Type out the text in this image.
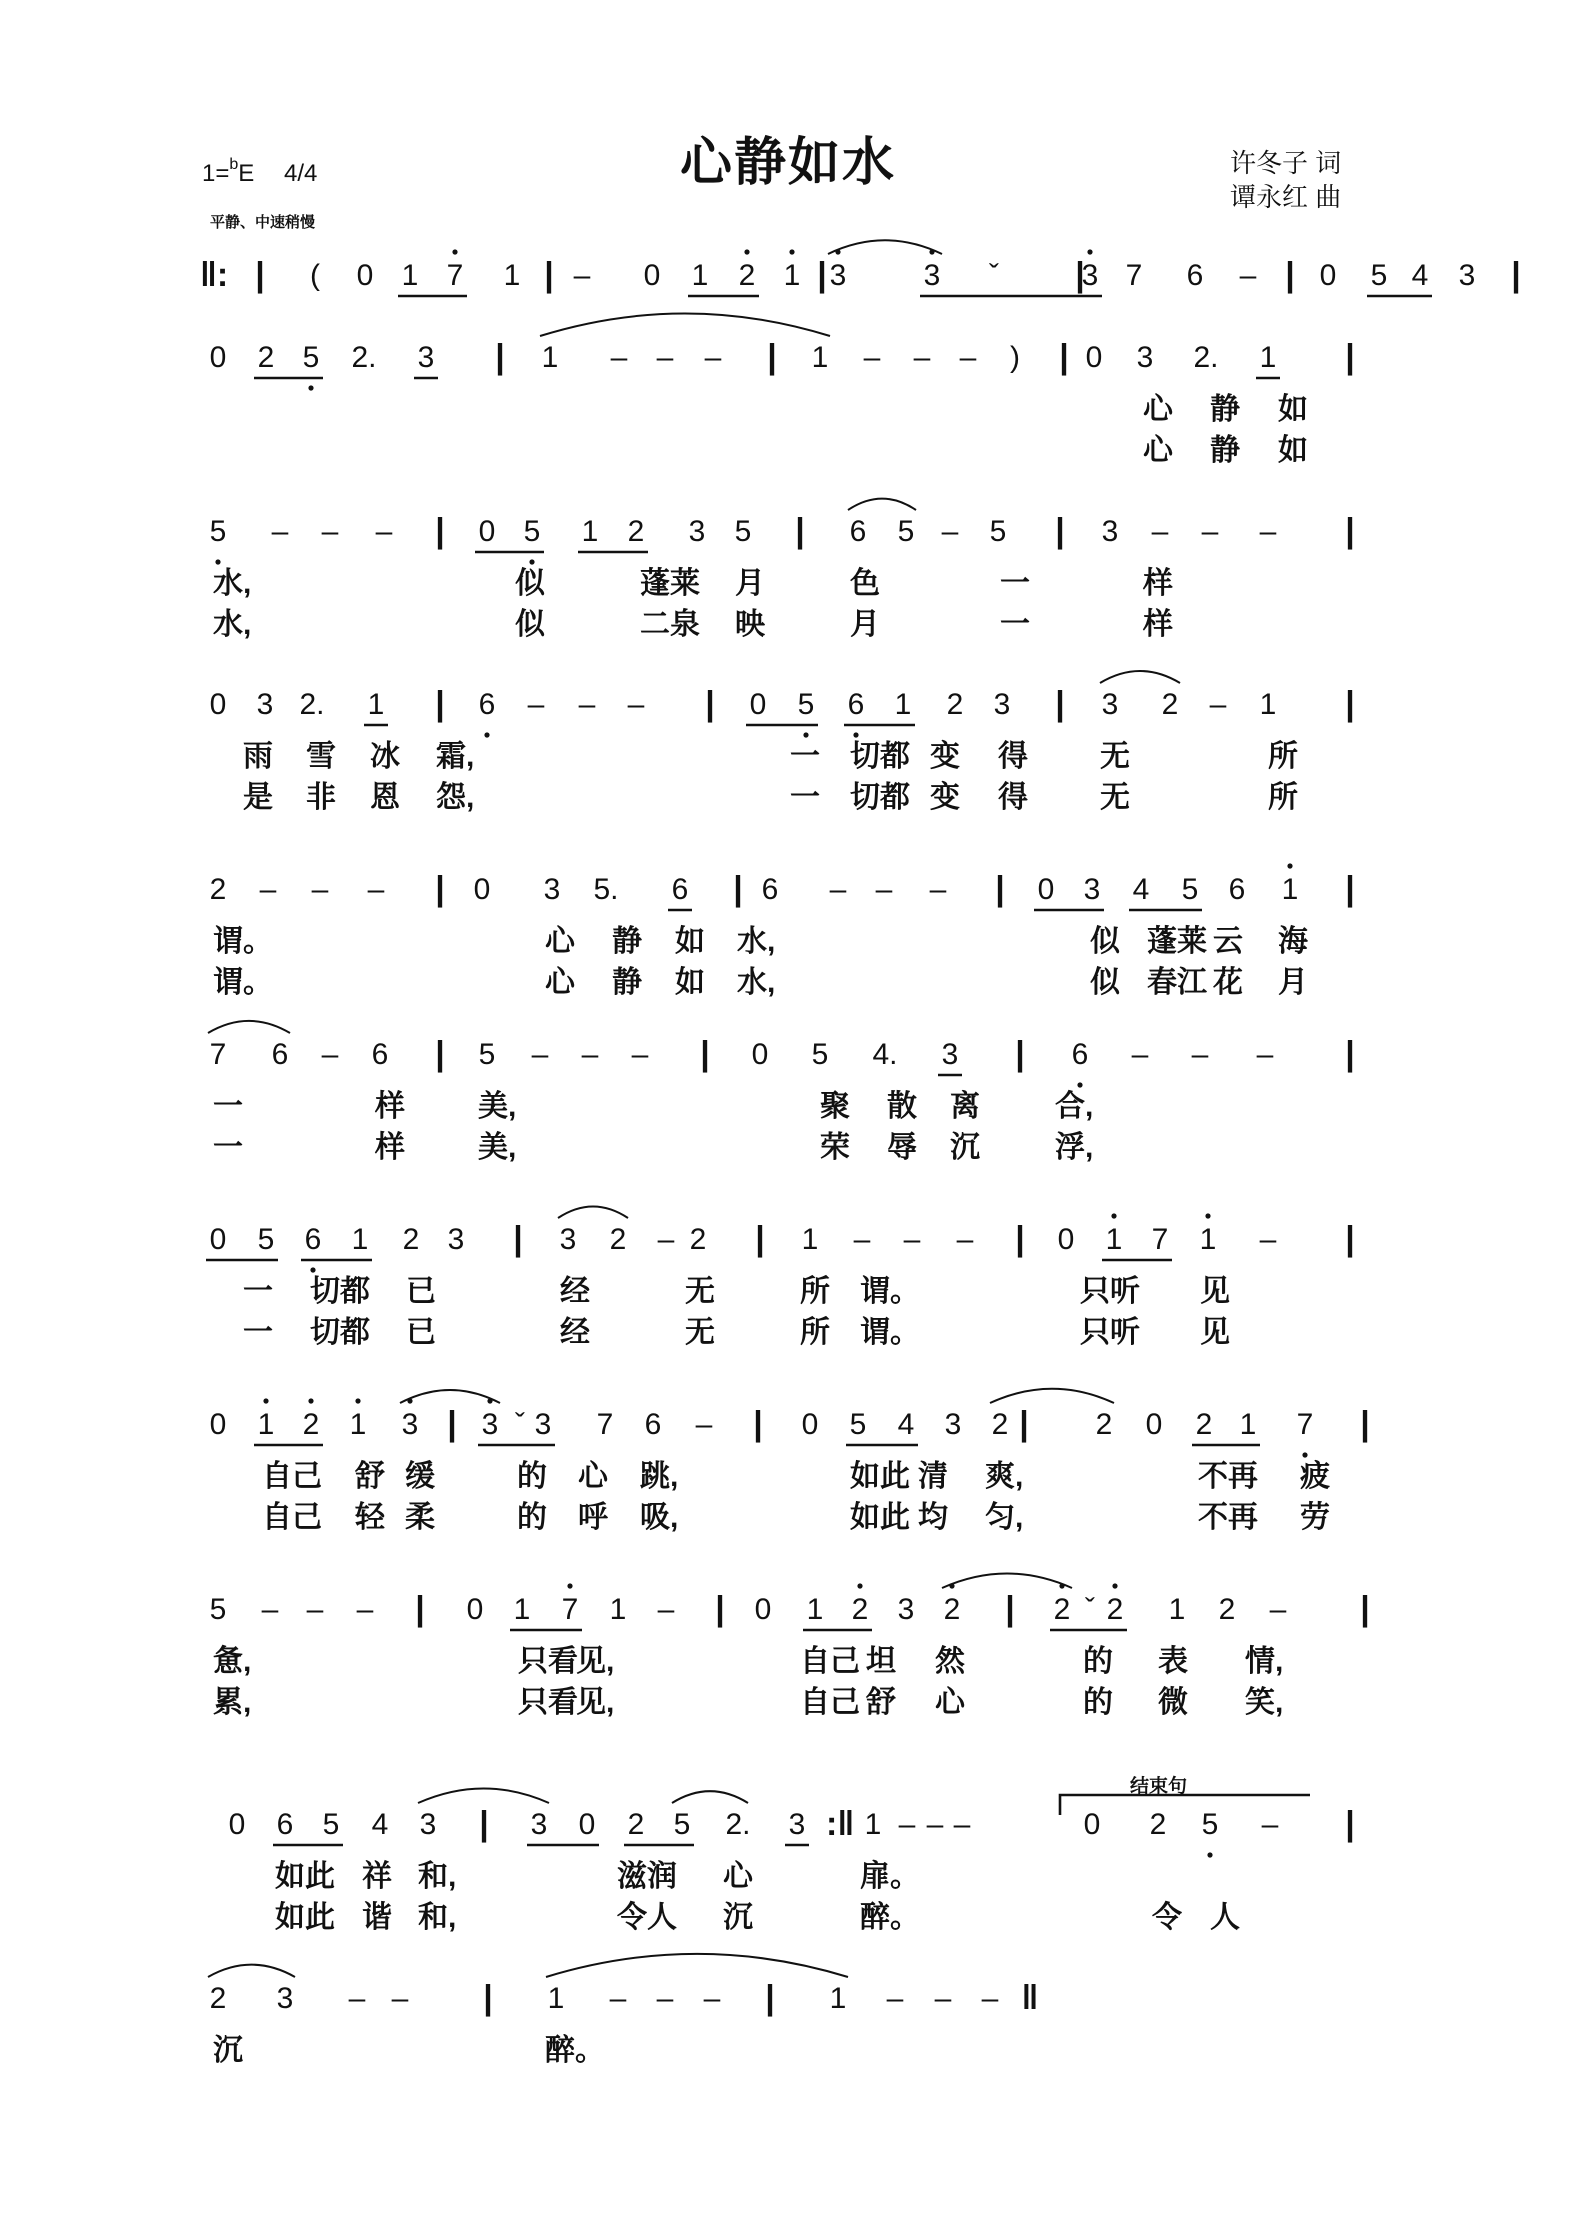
心静如水
1=$^b$E 4/4
平静、中速稍慢
许冬子 词
谭永红 曲
结束句
(	0 1 7	1	–	0	1	2 1 3	3	ˇ	3 7	6	–	0	5 4	3
‖: |	|	|	|	|	|
0	2 5	2.	3	1	– –	–	1	–	– –	)	0	3	2.	1
|	|	|	|
心 静 如
心 静 如
5	–	–	–	0 5	1 2	3 5	6	5 –	5	3	–	–	–
|	|	|	|
水,	似	蓬莱 月	色	一	样
水,	似	二泉 映	月	一	样
0	3 2.	1	6	–	–	–	0	5	6	1	2	3	3	2	–	1
|	|	|	|
雨 雪 冰 霜,	一 切都 变 得 无	所
是 非 恩 怨,	一 切都 变 得 无	所
2	–	–	–	0	3	5.	6	6	– –	–	0 3	4	5	6	1
|	|	|	|
谓。	心 静 如 水,	似 蓬莱 云 海
谓。	心 静 如 水,	似 春江 花 月
7	6	–	6	5	–	–	–	0	5	4.	3	6	–	–	–
|	|	|	|
一	样 美,	聚 散 离	合,
一	样 美,	荣 辱 沉	浮,
0	5	6	1	2 3	3	2	– 2	1	–	–	–	0	1 7	1	–
|	|	|	|
一 切都 已	经	无	所 谓。	只听 见
一 切都 已	经	无	所 谓。	只听 见
0	1 2	1	3	3 ˇ 3	7	6	–	0	5	4	3	2	2	0	2 1	7
|	|	|	|
自己 舒 缓	的 心 跳,	如此 清 爽,	不再 疲
自己 轻 柔	的 呼 吸,	如此 均 匀,	不再 劳
5	– –	–	0	1	7	1	–	0	1 2 3 2	2 ˇ 2	1	2	–
|	|	|	|
惫,	只看
见,	自己 坦 然	的 表 情,
累,	只看
见,	自己 舒 心	的 微 笑,
0	6 5	4	3	3	0	2 5	2.	3	1 – – –	0	2	5	–
|	:‖	|
如此 祥 和,	滋润 心	扉。
如此 谐 和,	令人 沉	醉。	令 人
2	3	– –	1	–	–	–	1	–	–	–
|	|	‖
沉	醉。
